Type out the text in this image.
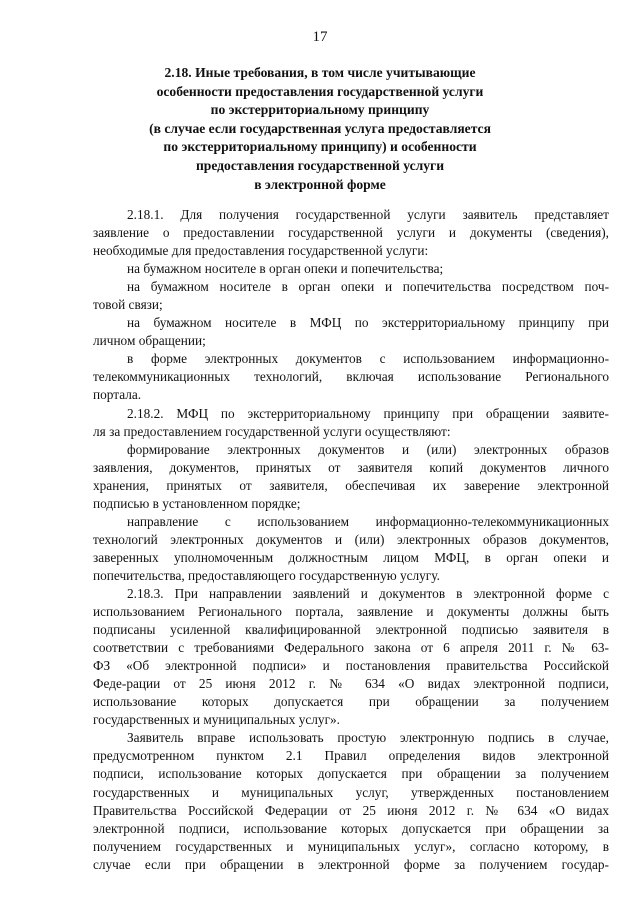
17
2.18. Иные требования, в том числе учитывающие
особенности предоставления государственной услуги
по экстерриториальному принципу
(в случае если государственная услуга предоставляется
по экстерриториальному принципу) и особенности
предоставления государственной услуги
в электронной форме
2.18.1. Для получения государственной услуги заявитель представляет
заявление о предоставлении государственной услуги и документы (сведения),
необходимые для предоставления государственной услуги:
на бумажном носителе в орган опеки и попечительства;
на бумажном носителе в орган опеки и попечительства посредством поч-
товой связи;
на бумажном носителе в МФЦ по экстерриториальному принципу при
личном обращении;
в форме электронных документов с использованием информационно-
телекоммуникационных технологий, включая использование Регионального
портала.
2.18.2. МФЦ по экстерриториальному принципу при обращении заявите-
ля за предоставлением государственной услуги осуществляют:
формирование электронных документов и (или) электронных образов
заявления, документов, принятых от заявителя копий документов личного
хранения, принятых от заявителя, обеспечивая их заверение электронной
подписью в установленном порядке;
направление с использованием информационно-телекоммуникационных
технологий электронных документов и (или) электронных образов документов,
заверенных уполномоченным должностным лицом МФЦ, в орган опеки и
попечительства, предоставляющего государственную услугу.
2.18.3. При направлении заявлений и документов в электронной форме с
использованием Регионального портала, заявление и документы должны быть
подписаны усиленной квалифицированной электронной подписью заявителя в
соответствии с требованиями Федерального закона от 6 апреля 2011 г. № 63-
ФЗ «Об электронной подписи» и постановления правительства Российской
Феде-рации от 25 июня 2012 г. № 634 «О видах электронной подписи,
использование которых допускается при обращении за получением
государственных и муниципальных услуг».
Заявитель вправе использовать простую электронную подпись в случае,
предусмотренном пунктом 2.1 Правил определения видов электронной
подписи, использование которых допускается при обращении за получением
государственных и муниципальных услуг, утвержденных постановлением
Правительства Российской Федерации от 25 июня 2012 г. № 634 «О видах
электронной подписи, использование которых допускается при обращении за
получением государственных и муниципальных услуг», согласно которому, в
случае если при обращении в электронной форме за получением государ-
